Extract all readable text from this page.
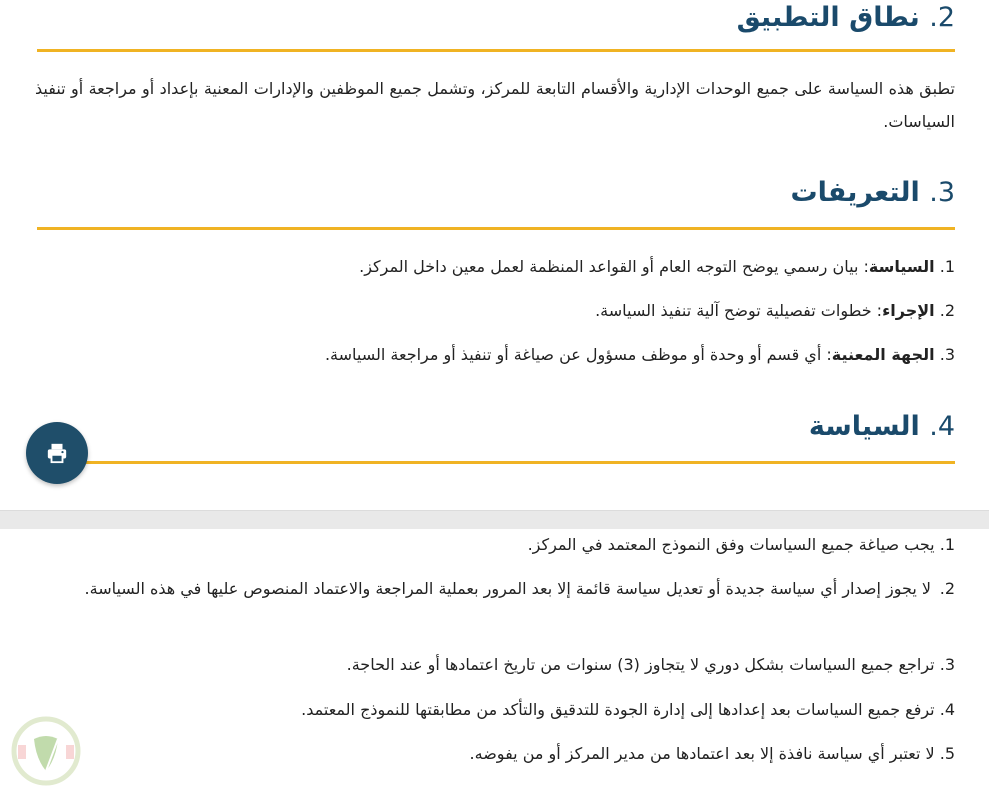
2. نطاق التطبيق
تطبق هذه السياسة على جميع الوحدات الإدارية والأقسام التابعة للمركز، وتشمل جميع الموظفين والإدارات المعنية بإعداد أو مراجعة أو تنفيذ السياسات.
3. التعريفات
1. السياسة: بيان رسمي يوضح التوجه العام أو القواعد المنظمة لعمل معين داخل المركز.
2. الإجراء: خطوات تفصيلية توضح آلية تنفيذ السياسة.
3. الجهة المعنية: أي قسم أو وحدة أو موظف مسؤول عن صياغة أو تنفيذ أو مراجعة السياسة.
4. السياسة
1. يجب صياغة جميع السياسات وفق النموذج المعتمد في المركز.
2.
لا يجوز إصدار أي سياسة جديدة أو تعديل سياسة قائمة إلا بعد المرور بعملية المراجعة والاعتماد المنصوص عليها في هذه السياسة.
3. تراجع جميع السياسات بشكل دوري لا يتجاوز (3) سنوات من تاريخ اعتمادها أو عند الحاجة.
4. ترفع جميع السياسات بعد إعدادها إلى إدارة الجودة للتدقيق والتأكد من مطابقتها للنموذج المعتمد.
5. لا تعتبر أي سياسة نافذة إلا بعد اعتمادها من مدير المركز أو من يفوضه.
